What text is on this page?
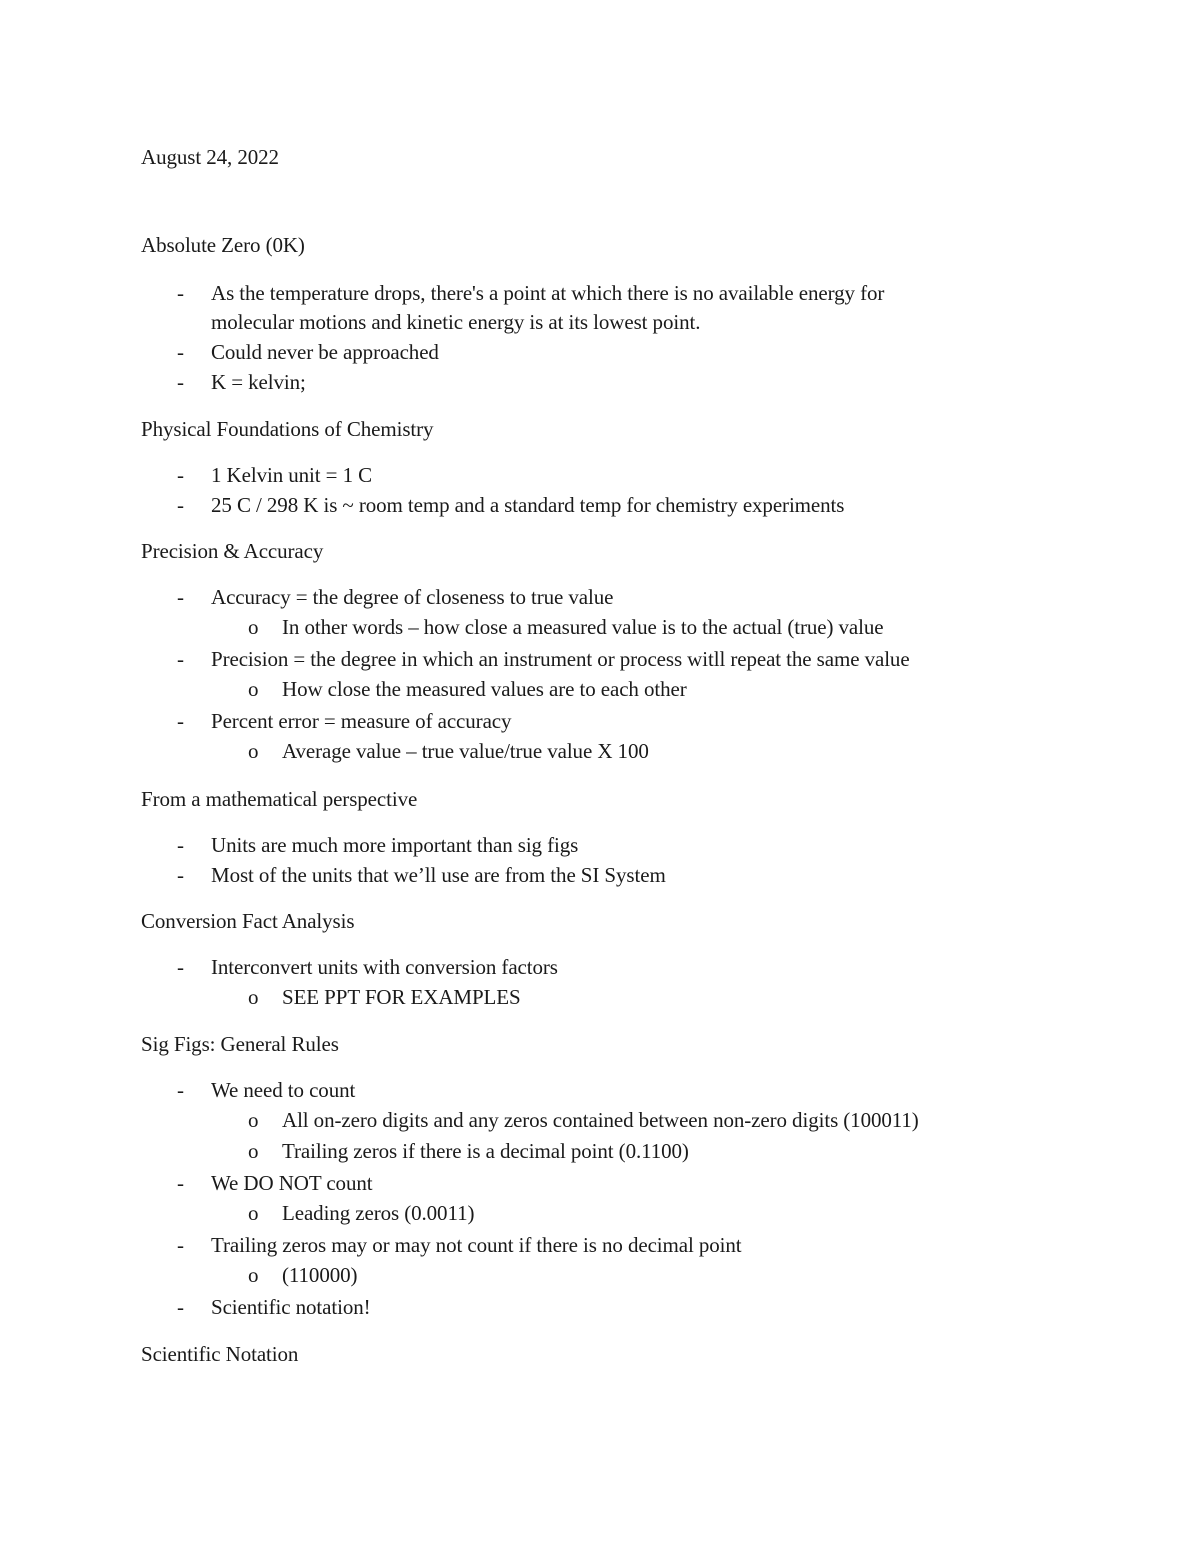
August 24, 2022
Absolute Zero (0K)
- As the temperature drops, there's a point at which there is no available energy for
molecular motions and kinetic energy is at its lowest point.
- Could never be approached
- K = kelvin;
Physical Foundations of Chemistry
- 1 Kelvin unit = 1 C
- 25 C / 298 K is ~ room temp and a standard temp for chemistry experiments
Precision & Accuracy
- Accuracy = the degree of closeness to true value
o In other words – how close a measured value is to the actual (true) value
- Precision = the degree in which an instrument or process witll repeat the same value
o How close the measured values are to each other
- Percent error = measure of accuracy
o Average value – true value/true value X 100
From a mathematical perspective
- Units are much more important than sig figs
- Most of the units that we’ll use are from the SI System
Conversion Fact Analysis
- Interconvert units with conversion factors
o SEE PPT FOR EXAMPLES
Sig Figs: General Rules
- We need to count
o All on-zero digits and any zeros contained between non-zero digits (100011)
o Trailing zeros if there is a decimal point (0.1100)
- We DO NOT count
o Leading zeros (0.0011)
- Trailing zeros may or may not count if there is no decimal point
o (110000)
- Scientific notation!
Scientific Notation
